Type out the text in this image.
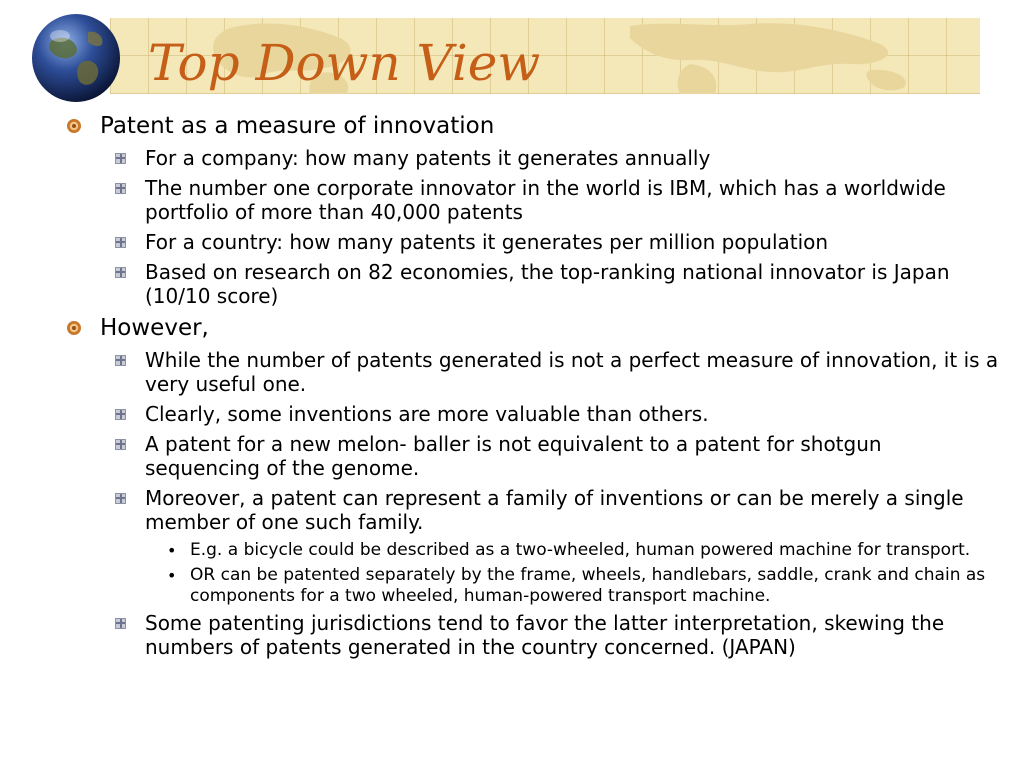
Top Down View
Patent as a measure of innovation
For a company: how many patents it generates annually
The number one corporate innovator in the world is IBM, which has a worldwide portfolio of more than 40,000 patents
For a country: how many patents it generates per million population
Based on research on 82 economies, the top-ranking national innovator is Japan (10/10 score)
However,
While the number of patents generated is not a perfect measure of innovation, it is a very useful one.
Clearly, some inventions are more valuable than others.
A patent for a new melon- baller is not equivalent to a patent for shotgun sequencing of the genome.
Moreover, a patent can represent a family of inventions or can be merely a single member of one such family.
• E.g. a bicycle could be described as a two-wheeled, human powered machine for transport.
• OR can be patented separately by the frame, wheels, handlebars, saddle, crank and chain as components for a two wheeled, human-powered transport machine.
Some patenting jurisdictions tend to favor the latter interpretation, skewing the numbers of patents generated in the country concerned. (JAPAN)
